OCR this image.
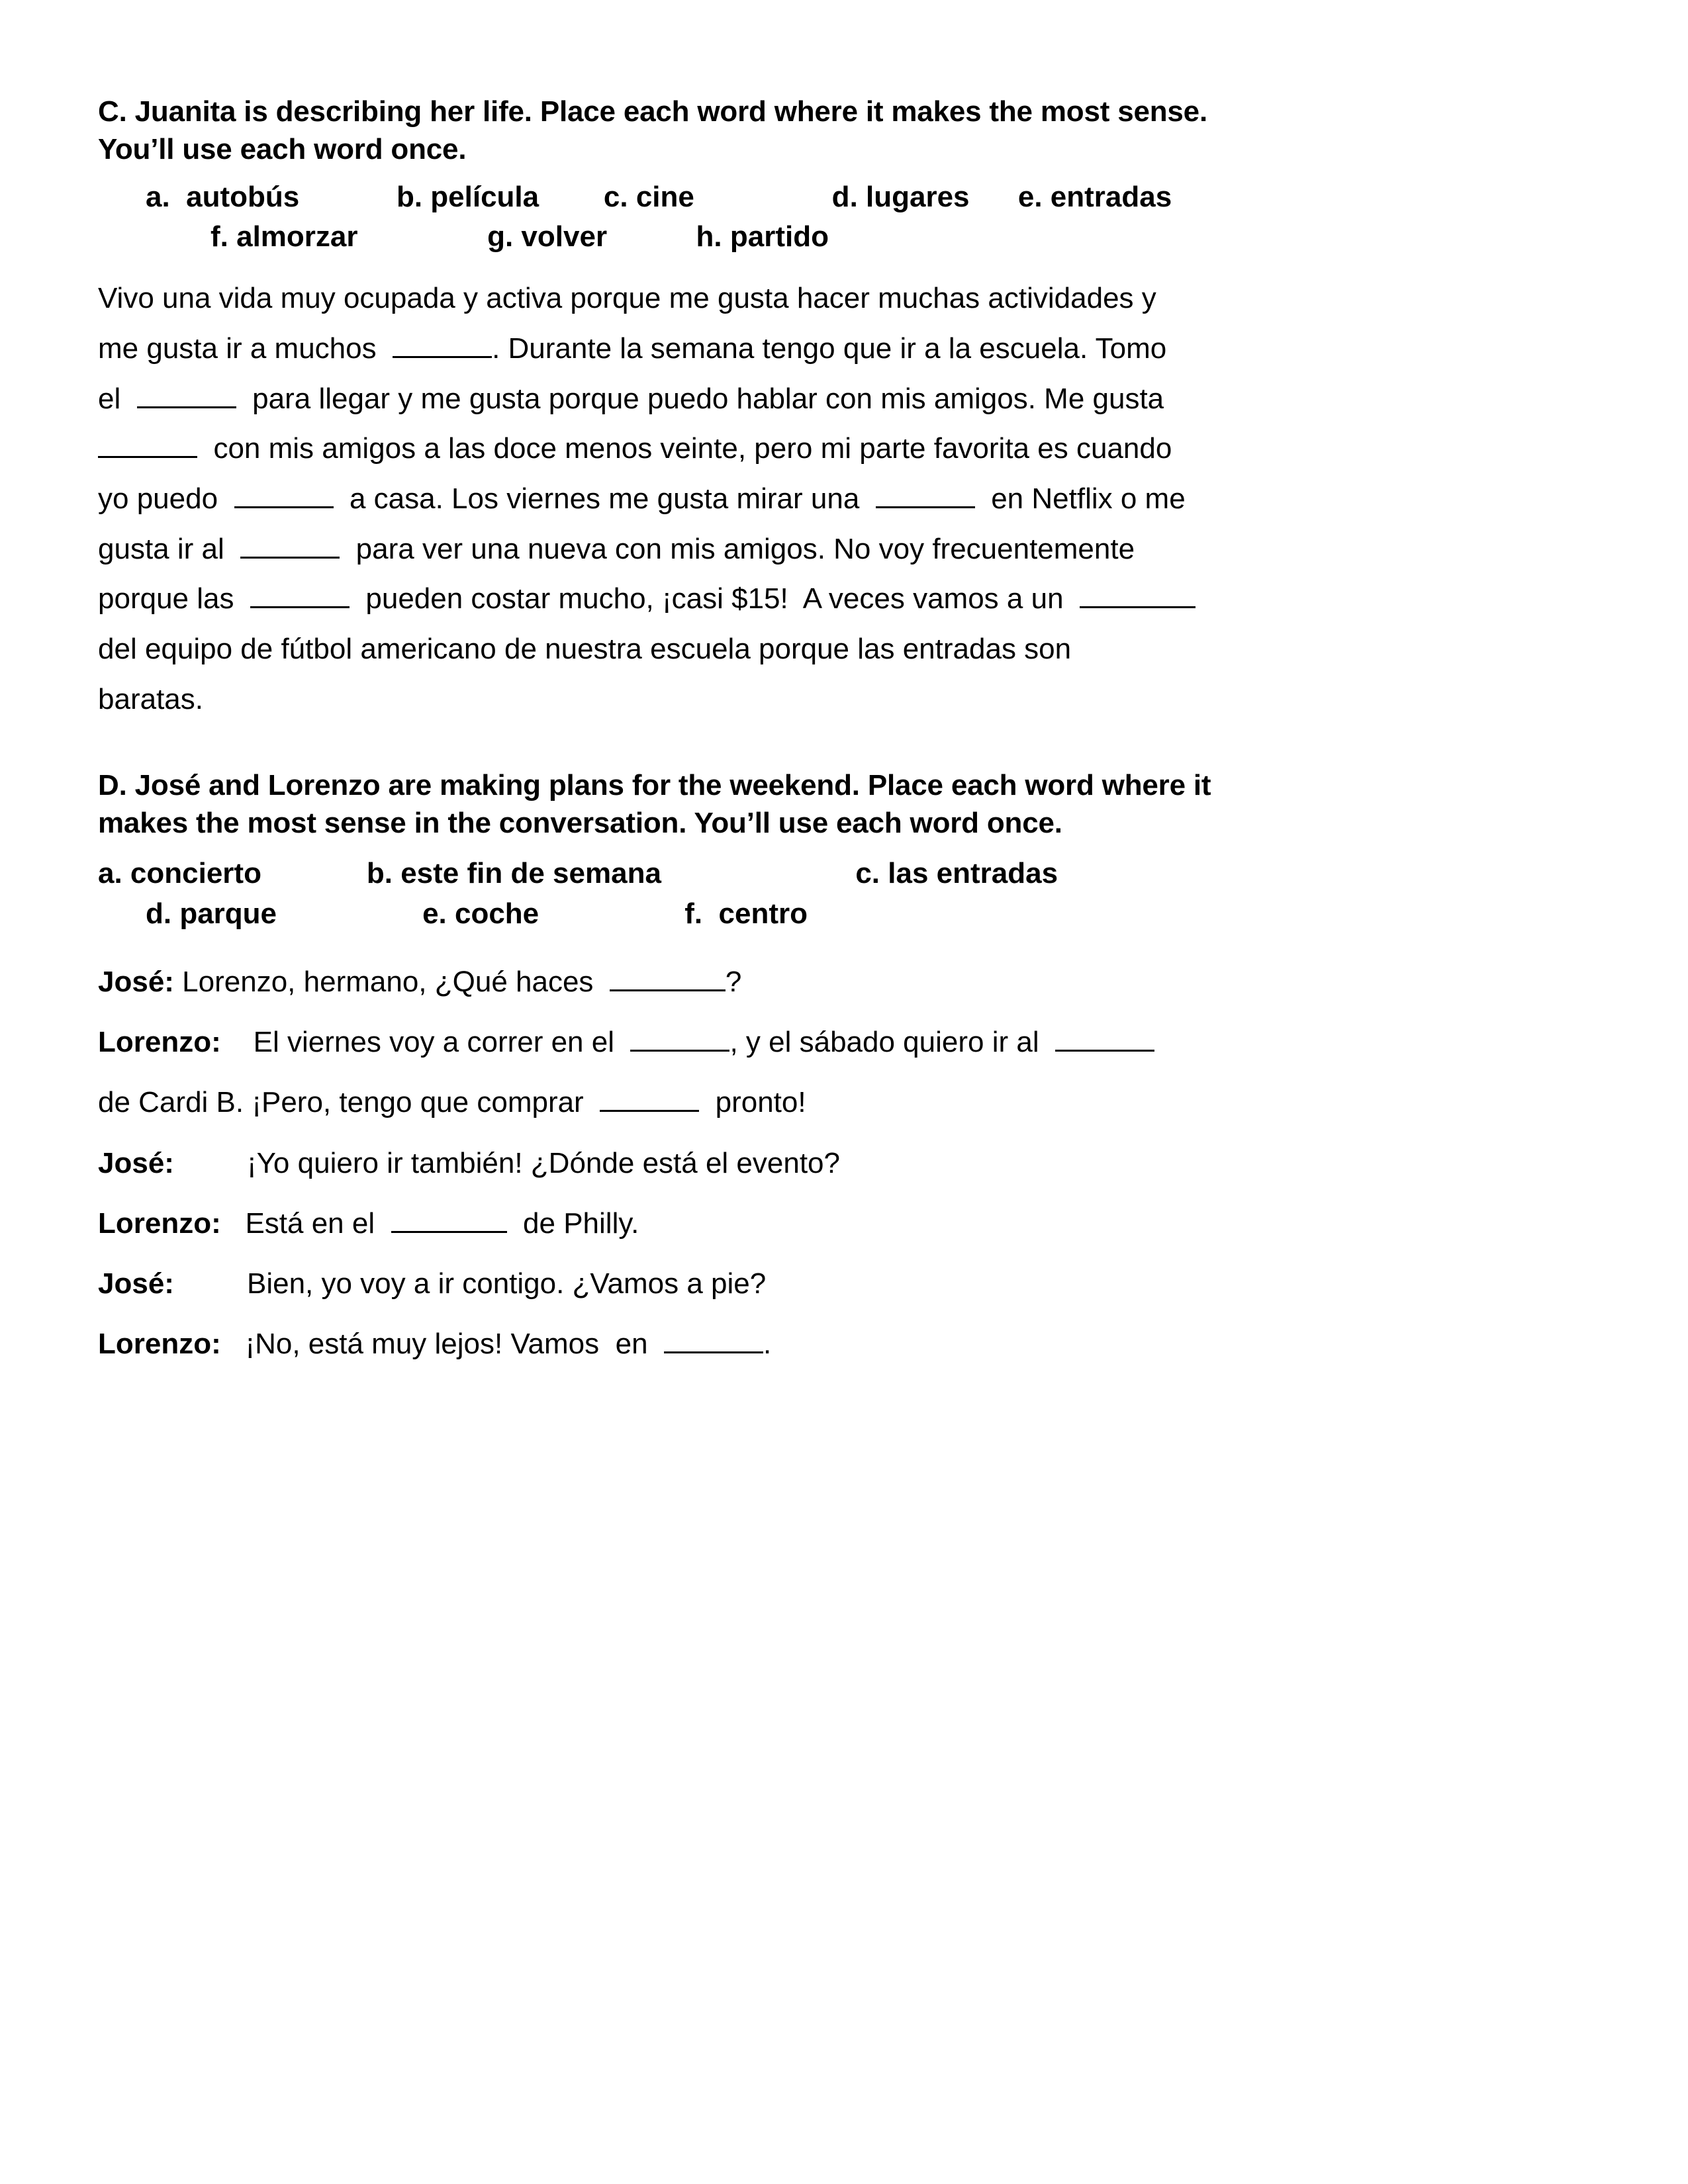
C. Juanita is describing her life. Place each word where it makes the most sense.
You’ll use each word once.
a.  autobús            b. película        c. cine                 d. lugares      e. entradas
f. almorzar                g. volver           h. partido
Vivo una vida muy ocupada y activa porque me gusta hacer muchas actividades y
me gusta ir a muchos	. Durante la semana tengo que ir a la escuela. Tomo
el	para llegar y me gusta porque puedo hablar con mis amigos. Me gusta
con mis amigos a las doce menos veinte, pero mi parte favorita es cuando
yo puedo	a casa. Los viernes me gusta mirar una	en Netflix o me
gusta ir al	para ver una nueva con mis amigos. No voy frecuentemente
porque las	pueden costar mucho, ¡casi $15!  A veces vamos a un
del equipo de fútbol americano de nuestra escuela porque las entradas son
baratas.
D. José and Lorenzo are making plans for the weekend. Place each word where it
makes the most sense in the conversation. You’ll use each word once.
a. concierto             b. este fin de semana                        c. las entradas
d. parque                  e. coche                  f.  centro
José: Lorenzo, hermano, ¿Qué haces	?
Lorenzo:    El viernes voy a correr en el	, y el sábado quiero ir al
de Cardi B. ¡Pero, tengo que comprar	pronto!
José:         ¡Yo quiero ir también! ¿Dónde está el evento?
Lorenzo:   Está en el	de Philly.
José:         Bien, yo voy a ir contigo. ¿Vamos a pie?
Lorenzo:   ¡No, está muy lejos! Vamos  en	.
